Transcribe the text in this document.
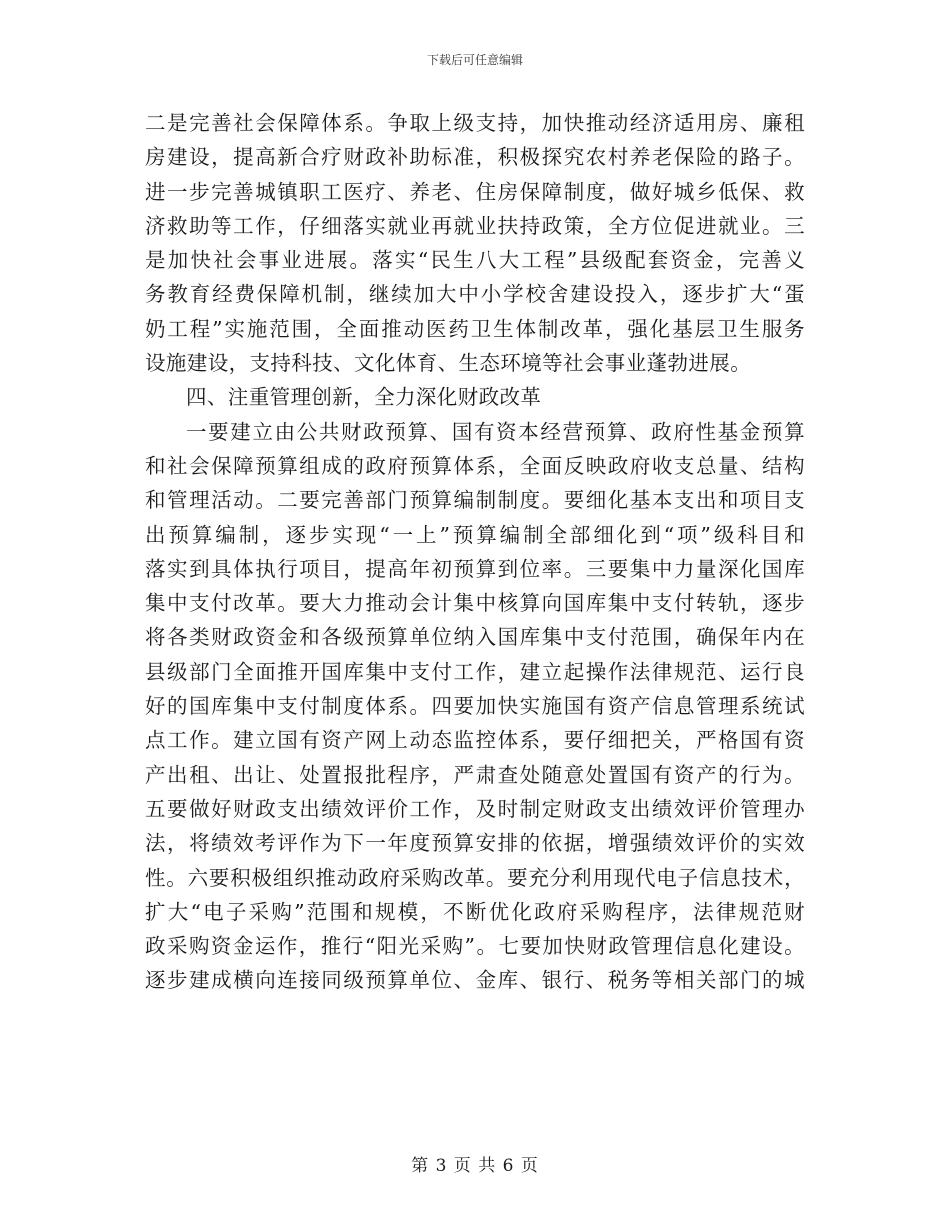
下载后可任意编辑
二是完善社会保障体系。争取上级支持，加快推动经济适用房、廉租
房建设，提高新合疗财政补助标准，积极探究农村养老保险的路子。
进一步完善城镇职工医疗、养老、住房保障制度，做好城乡低保、救
济救助等工作，仔细落实就业再就业扶持政策，全方位促进就业。三
是加快社会事业进展。落实“民生八大工程”县级配套资金，完善义
务教育经费保障机制，继续加大中小学校舍建设投入，逐步扩大“蛋
奶工程”实施范围，全面推动医药卫生体制改革，强化基层卫生服务
设施建设，支持科技、文化体育、生态环境等社会事业蓬勃进展。
四、注重管理创新，全力深化财政改革
一要建立由公共财政预算、国有资本经营预算、政府性基金预算
和社会保障预算组成的政府预算体系，全面反映政府收支总量、结构
和管理活动。二要完善部门预算编制制度。要细化基本支出和项目支
出预算编制，逐步实现“一上”预算编制全部细化到“项”级科目和
落实到具体执行项目，提高年初预算到位率。三要集中力量深化国库
集中支付改革。要大力推动会计集中核算向国库集中支付转轨，逐步
将各类财政资金和各级预算单位纳入国库集中支付范围，确保年内在
县级部门全面推开国库集中支付工作，建立起操作法律规范、运行良
好的国库集中支付制度体系。四要加快实施国有资产信息管理系统试
点工作。建立国有资产网上动态监控体系，要仔细把关，严格国有资
产出租、出让、处置报批程序，严肃查处随意处置国有资产的行为。
五要做好财政支出绩效评价工作，及时制定财政支出绩效评价管理办
法，将绩效考评作为下一年度预算安排的依据，增强绩效评价的实效
性。六要积极组织推动政府采购改革。要充分利用现代电子信息技术，
扩大“电子采购”范围和规模，不断优化政府采购程序，法律规范财
政采购资金运作，推行“阳光采购”。七要加快财政管理信息化建设。
逐步建成横向连接同级预算单位、金库、银行、税务等相关部门的城
第 3 页 共 6 页
